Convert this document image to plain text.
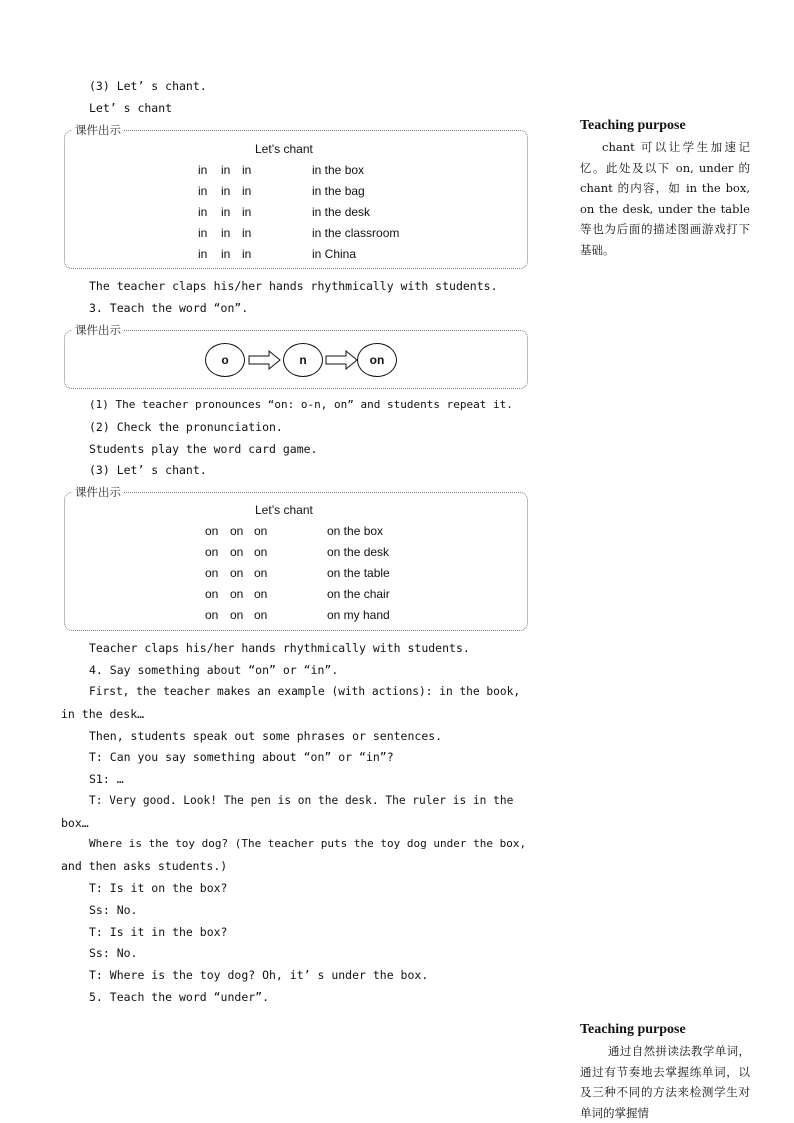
(3) Let’ s chant.
Let’ s chant
课件出示
Let’s chant
in in in	in the box
in in in	in the bag
in in in	in the desk
in in in	in the classroom
in in in	in China
The teacher claps his/her hands rhythmically with students.
3. Teach the word “on”.
课件出示
o	n	on
(1) The teacher pronounces “on: o-n, on” and students repeat it.
(2) Check the pronunciation.
Students play the word card game.
(3) Let’ s chant.
课件出示
Let’s chant
on on on	on the box
on on on	on the desk
on on on	on the table
on on on	on the chair
on on on	on my hand
Teacher claps his/her hands rhythmically with students.
4. Say something about “on” or “in”.
First, the teacher makes an example (with actions): in the book,
in the desk…
Then, students speak out some phrases or sentences.
T: Can you say something about “on” or “in”?
S1: …
T: Very good. Look! The pen is on the desk. The ruler is in the
box…
Where is the toy dog? (The teacher puts the toy dog under the box,
and then asks students.)
T: Is it on the box?
Ss: No.
T: Is it in the box?
Ss: No.
T: Where is the toy dog? Oh, it’ s under the box.
5. Teach the word “under”.
Teaching purpose
chant 可以让学生加速记忆。此处及以下 on, under 的 chant 的内容，如 in the box, on the desk, under the table 等也为后面的描述图画游戏打下基础。
Teaching purpose
通过自然拼读法教学单词，通过有节奏地去掌握练单词，以及三种不同的方法来检测学生对单词的掌握情
